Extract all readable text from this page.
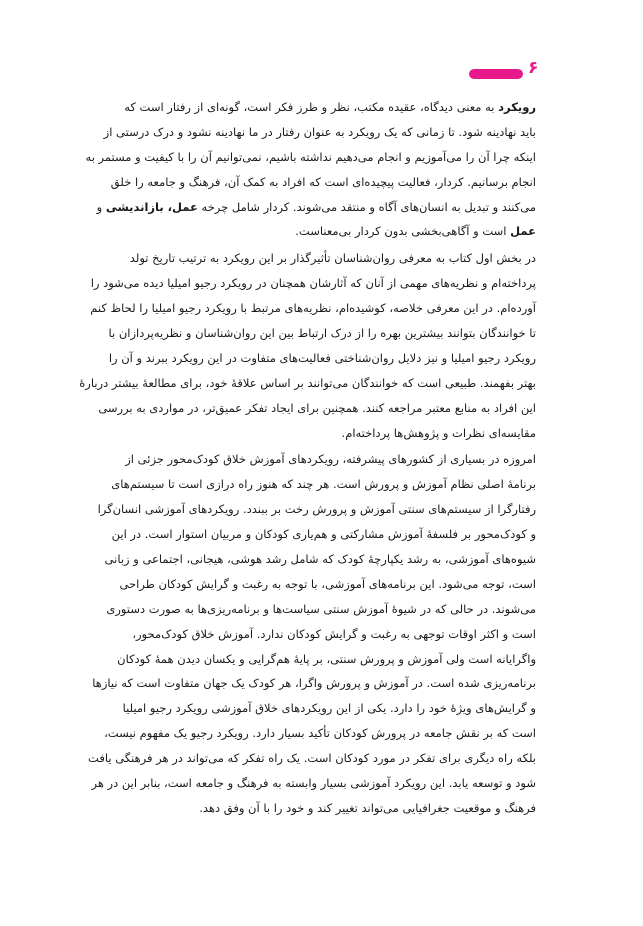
۶
رویکرد به معنی دیدگاه، عقیده مکتب، نظر و طرز فکر است، گونه‌ای از رفتار است که
باید نهادینه شود. تا زمانی که یک رویکرد به عنوان رفتار در ما نهادینه نشود و درک درستی از
اینکه چرا آن را می‌آموزیم و انجام می‌دهیم نداشته باشیم، نمی‌توانیم آن را با کیفیت و مستمر به
انجام برسانیم. کردار، فعالیت پیچیده‌ای است که افراد به کمک آن، فرهنگ و جامعه را خلق
می‌کنند و تبدیل به انسان‌های آگاه و منتقد می‌شوند. کردار شامل چرخه عمل، بازاندیشی و
عمل است و آگاهی‌بخشی بدون کردار بی‌معناست.
در بخش اول کتاب به معرفی روان‌شناسان تأثیرگذار بر این رویکرد به ترتیب تاریخ تولد
پرداخته‌ام و نظریه‌های مهمی از آنان که آثارشان همچنان در رویکرد رجیو امیلیا دیده می‌شود را
آورده‌ام. در این معرفی خلاصه، کوشیده‌ام، نظریه‌های مرتبط با رویکرد رجیو امیلیا را لحاظ کنم
تا خوانندگان بتوانند بیشترین بهره را از درک ارتباط بین این روان‌شناسان و نظریه‌پردازان با
رویکرد رجیو امیلیا و نیز دلایل روان‌شناختی فعالیت‌های متفاوت در این رویکرد ببرند و آن را
بهتر بفهمند. طبیعی است که خوانندگان می‌توانند بر اساس علاقهٔ خود، برای مطالعهٔ بیشتر دربارهٔ
این افراد به منابع معتبر مراجعه کنند. همچنین برای ایجاد تفکر عمیق‌تر، در مواردی به بررسی
مقایسه‌ای نظرات و پژوهش‌ها پرداخته‌ام.
امروزه در بسیاری از کشورهای پیشرفته، رویکردهای آموزش خلاق کودک‌محور جزئی از
برنامهٔ اصلی نظام آموزش و پرورش است. هر چند که هنوز راه درازی است تا سیستم‌های
رفتارگرا از سیستم‌های سنتی آموزش و پرورش رخت بر ببندد. رویکردهای آموزشی انسان‌گرا
و کودک‌محور بر فلسفهٔ آموزش مشارکتی و هم‌یاری کودکان و مربیان استوار است. در این
شیوه‌های آموزشی، به رشد یکپارچهٔ کودک که شامل رشد هوشی، هیجانی، اجتماعی و زبانی
است، توجه می‌شود. این برنامه‌های آموزشی، با توجه به رغبت و گرایش کودکان طراحی
می‌شوند. در حالی که در شیوهٔ آموزش سنتی سیاست‌ها و برنامه‌ریزی‌ها به صورت دستوری
است و اکثر اوقات توجهی به رغبت و گرایش کودکان ندارد. آموزش خلاق کودک‌محور،
واگرایانه است ولی آموزش و پرورش سنتی، بر پایهٔ هم‌گرایی و یکسان دیدن همهٔ کودکان
برنامه‌ریزی شده است. در آموزش و پرورش واگرا، هر کودک یک جهان متفاوت است که نیازها
و گرایش‌های ویژهٔ خود را دارد. یکی از این رویکردهای خلاق آموزشی رویکرد رجیو امیلیا
است که بر نقش جامعه در پرورش کودکان تأکید بسیار دارد. رویکرد رجیو یک مفهوم نیست،
بلکه راه دیگری برای تفکر در مورد کودکان است. یک راه تفکر که می‌تواند در هر فرهنگی یافت
شود و توسعه یابد. این رویکرد آموزشی بسیار وابسته به فرهنگ و جامعه است، بنابر این در هر
فرهنگ و موقعیت جغرافیایی می‌تواند تغییر کند و خود را با آن وفق دهد.
